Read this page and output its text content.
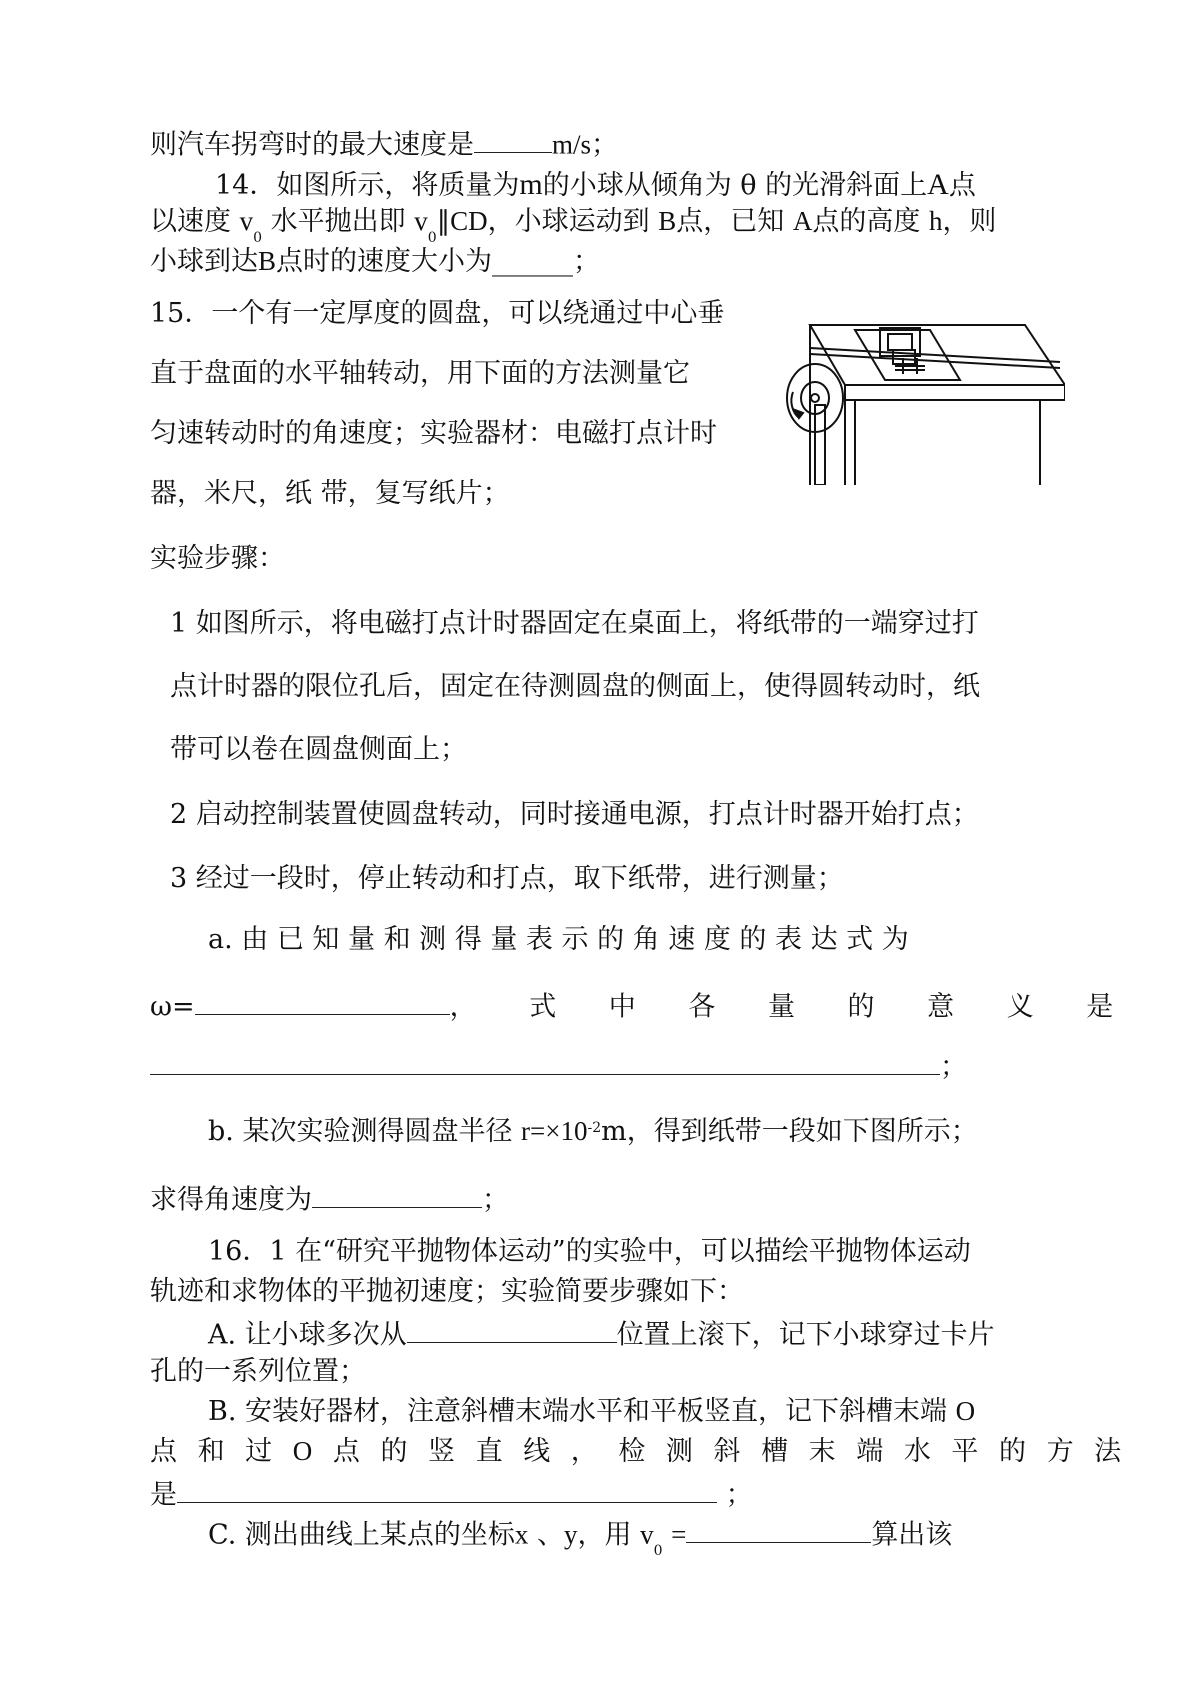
则汽车拐弯时的最大速度是	m/s；
14．如图所示，将质量为m的小球从倾角为 θ 的光滑斜面上A点
以速度 $v_0$ 水平抛出即 $v_0\parallel CD$，小球运动到 B点，已知 A点的高度 h，则
小球到达B点时的速度大小为______；
15．一个有一定厚度的圆盘，可以绕通过中心垂
直于盘面的水平轴转动，用下面的方法测量它
匀速转动时的角速度；实验器材：电磁打点计时
器，米尺，纸 带，复写纸片；
实验步骤：
1 如图所示，将电磁打点计时器固定在桌面上，将纸带的一端穿过打
点计时器的限位孔后，固定在待测圆盘的侧面上，使得圆转动时，纸
带可以卷在圆盘侧面上；
2 启动控制装置使圆盘转动，同时接通电源，打点计时器开始打点；
3 经过一段时，停止转动和打点，取下纸带，进行测量；
a. 由 已 知 量 和 测 得 量 表 示 的 角 速 度 的 表 达 式 为
ω=	， 式 中 各 量 的 意 义 是
；
b. 某次实验测得圆盘半径 $r=\times 10^{-2}m$，得到纸带一段如下图所示；
求得角速度为	；
16．1 在“研究平抛物体运动”的实验中，可以描绘平抛物体运动
轨迹和求物体的平抛初速度；实验简要步骤如下：
A. 让小球多次从	位置上滚下，记下小球穿过卡片
孔的一系列位置；
B. 安装好器材，注意斜槽末端水平和平板竖直，记下斜槽末端 O
点 和 过 O 点 的 竖 直 线 ， 检 测 斜 槽 末 端 水 平 的 方 法
是	；
C. 测出曲线上某点的坐标x 、y，用 $v_0$ =	算出该
